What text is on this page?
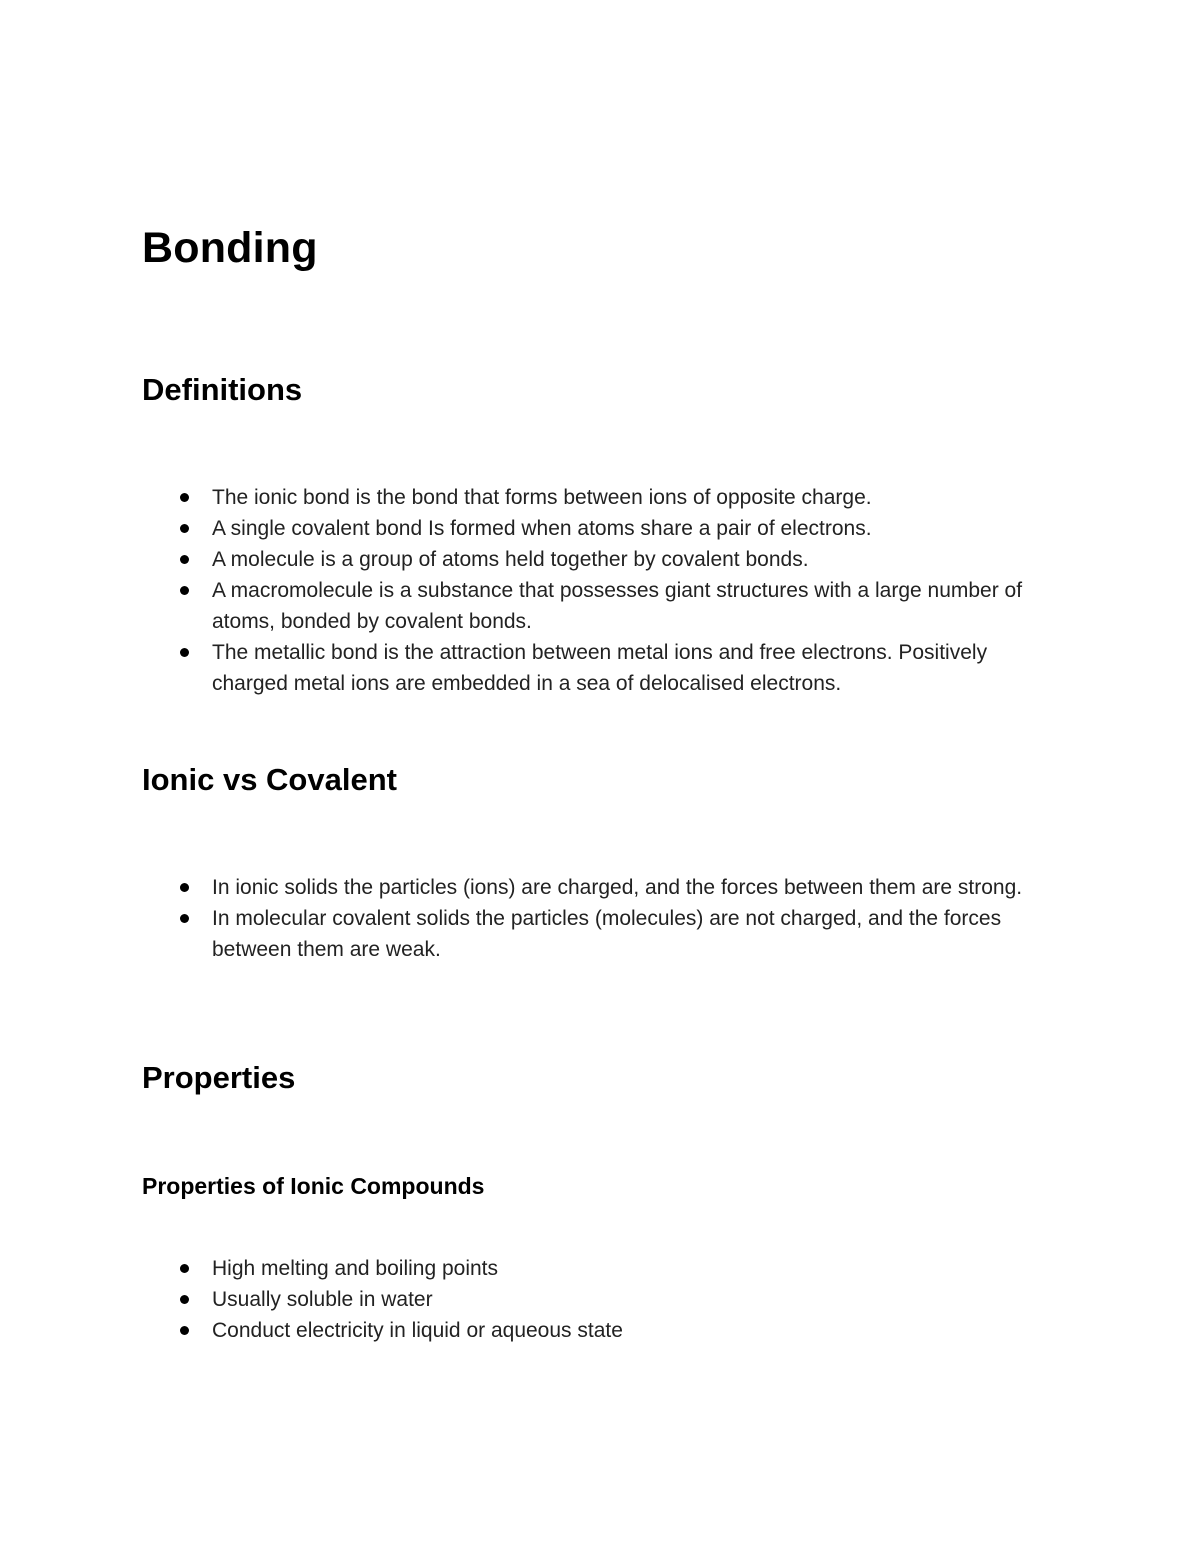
Bonding
Definitions
The ionic bond is the bond that forms between ions of opposite charge.
A single covalent bond Is formed when atoms share a pair of electrons.
A molecule is a group of atoms held together by covalent bonds.
A macromolecule is a substance that possesses giant structures with a large number of atoms, bonded by covalent bonds.
The metallic bond is the attraction between metal ions and free electrons. Positively charged metal ions are embedded in a sea of delocalised electrons.
Ionic vs Covalent
In ionic solids the particles (ions) are charged, and the forces between them are strong.
In molecular covalent solids the particles (molecules) are not charged, and the forces between them are weak.
Properties
Properties of Ionic Compounds
High melting and boiling points
Usually soluble in water
Conduct electricity in liquid or aqueous state
